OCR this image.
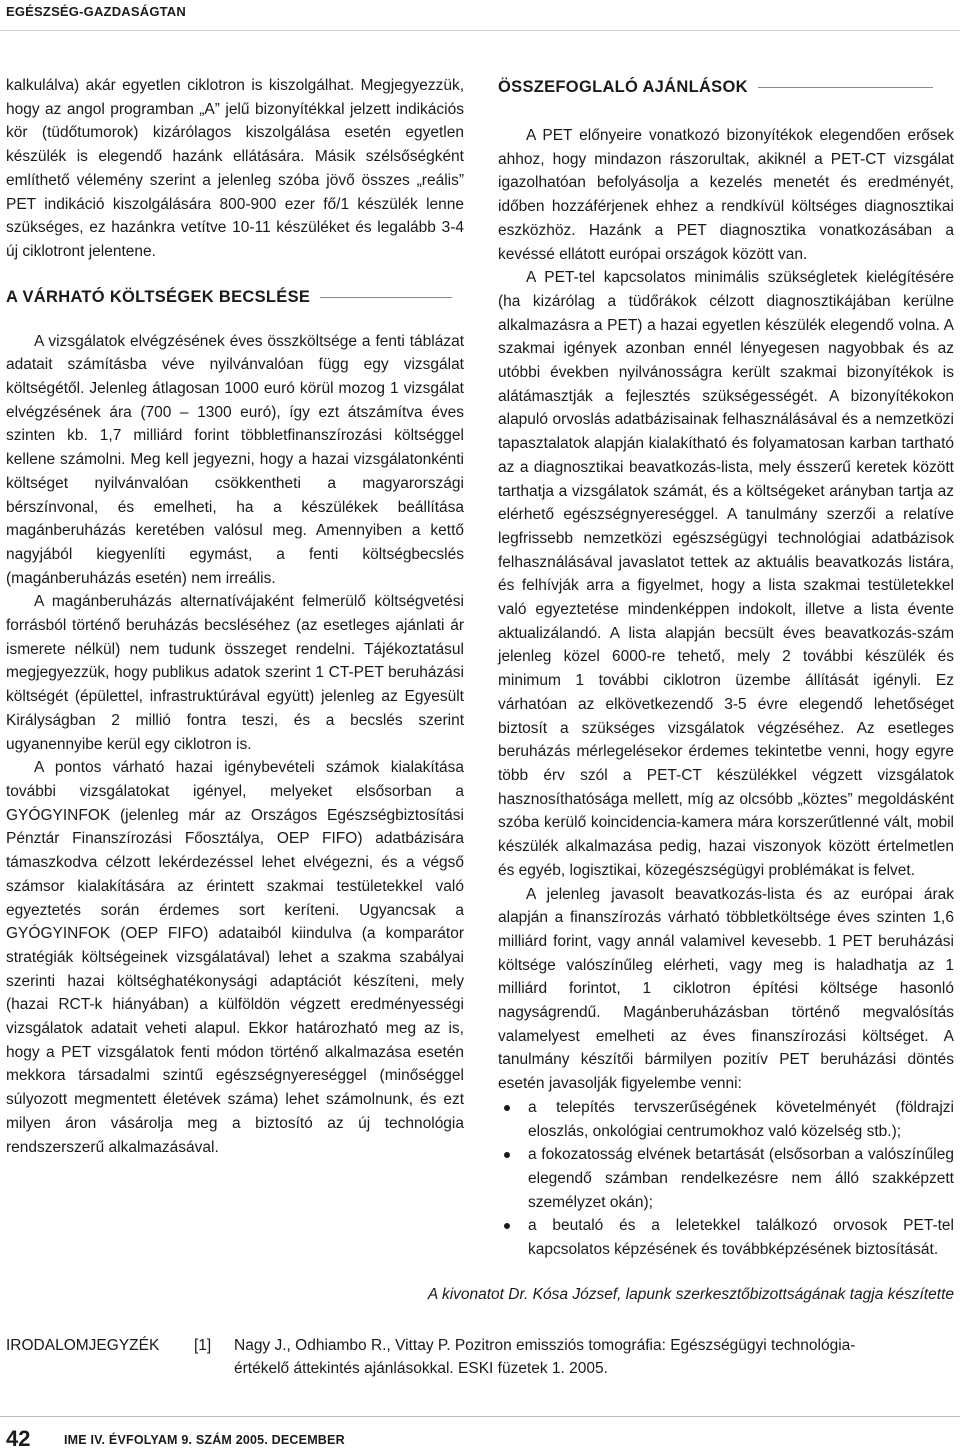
EGÉSZSÉG-GAZDASÁGTAN

kalkulálva) akár egyetlen ciklotron is kiszolgálhat. Megjegyezzük, hogy az angol programban „A” jelű bizonyítékkal jelzett indikációs kör (tüdőtumorok) kizárólagos kiszolgálása esetén egyetlen készülék is elegendő hazánk ellátására. Másik szélsőségként említhető vélemény szerint a jelenleg szóba jövő összes „reális” PET indikáció kiszolgálására 800-900 ezer fő/1 készülék lenne szükséges, ez hazánkra vetítve 10-11 készüléket és legalább 3-4 új ciklotront jelentene.

A VÁRHATÓ KÖLTSÉGEK BECSLÉSE

A vizsgálatok elvégzésének éves összköltsége a fenti táblázat adatait számításba véve nyilvánvalóan függ egy vizsgálat költségétől. Jelenleg átlagosan 1000 euró körül mozog 1 vizsgálat elvégzésének ára (700 – 1300 euró), így ezt átszámítva éves szinten kb. 1,7 milliárd forint többletfinanszírozási költséggel kellene számolni. Meg kell jegyezni, hogy a hazai vizsgálatonkénti költséget nyilvánvalóan csökkentheti a magyarországi bérszínvonal, és emelheti, ha a készülékek beállítása magánberuházás keretében valósul meg. Amennyiben a kettő nagyjából kiegyenlíti egymást, a fenti költségbecslés (magánberuházás esetén) nem irreális.

A magánberuházás alternatívájaként felmerülő költségvetési forrásból történő beruházás becsléséhez (az esetleges ajánlati ár ismerete nélkül) nem tudunk összeget rendelni. Tájékoztatásul megjegyezzük, hogy publikus adatok szerint 1 CT-PET beruházási költségét (épülettel, infrastruktúrával együtt) jelenleg az Egyesült Királyságban 2 millió fontra teszi, és a becslés szerint ugyanennyibe kerül egy ciklotron is.

A pontos várható hazai igénybevételi számok kialakítása további vizsgálatokat igényel, melyeket elsősorban a GYÓGYINFOK (jelenleg már az Országos Egészségbiztosítási Pénztár Finanszírozási Főosztálya, OEP FIFO) adatbázisára támaszkodva célzott lekérdezéssel lehet elvégezni, és a végső számsor kialakítására az érintett szakmai testületekkel való egyeztetés során érdemes sort keríteni. Ugyancsak a GYÓGYINFOK (OEP FIFO) adataiból kiindulva (a komparátor stratégiák költségeinek vizsgálatával) lehet a szakma szabályai szerinti hazai költséghatékonysági adaptációt készíteni, mely (hazai RCT-k hiányában) a külföldön végzett eredményességi vizsgálatok adatait veheti alapul. Ekkor határozható meg az is, hogy a PET vizsgálatok fenti módon történő alkalmazása esetén mekkora társadalmi szintű egészségnyereséggel (minőséggel súlyozott megmentett életévek száma) lehet számolnunk, és ezt milyen áron vásárolja meg a biztosító az új technológia rendszerszerű alkalmazásával.

ÖSSZEFOGLALÓ AJÁNLÁSOK

A PET előnyeire vonatkozó bizonyítékok elegendően erősek ahhoz, hogy mindazon rászorultak, akiknél a PET-CT vizsgálat igazolhatóan befolyásolja a kezelés menetét és eredményét, időben hozzáférjenek ehhez a rendkívül költséges diagnosztikai eszközhöz. Hazánk a PET diagnosztika vonatkozásában a kevéssé ellátott európai országok között van.

A PET-tel kapcsolatos minimális szükségletek kielégítésére (ha kizárólag a tüdőrákok célzott diagnosztikájában kerülne alkalmazásra a PET) a hazai egyetlen készülék elegendő volna. A szakmai igények azonban ennél lényegesen nagyobbak és az utóbbi években nyilvánosságra került szakmai bizonyítékok is alátámasztják a fejlesztés szükségességét. A bizonyítékokon alapuló orvoslás adatbázisainak felhasználásával és a nemzetközi tapasztalatok alapján kialakítható és folyamatosan karban tartható az a diagnosztikai beavatkozás-lista, mely ésszerű keretek között tarthatja a vizsgálatok számát, és a költségeket arányban tartja az elérhető egészségnyereséggel. A tanulmány szerzői a relatíve legfrissebb nemzetközi egészségügyi technológiai adatbázisok felhasználásával javaslatot tettek az aktuális beavatkozás listára, és felhívják arra a figyelmet, hogy a lista szakmai testületekkel való egyeztetése mindenképpen indokolt, illetve a lista évente aktualizálandó. A lista alapján becsült éves beavatkozás-szám jelenleg közel 6000-re tehető, mely 2 további készülék és minimum 1 további ciklotron üzembe állítását igényli. Ez várhatóan az elkövetkezendő 3-5 évre elegendő lehetőséget biztosít a szükséges vizsgálatok végzéséhez. Az esetleges beruházás mérlegelésekor érdemes tekintetbe venni, hogy egyre több érv szól a PET-CT készülékkel végzett vizsgálatok hasznosíthatósága mellett, míg az olcsóbb „köztes” megoldásként szóba kerülő koincidencia-kamera mára korszerűtlenné vált, mobil készülék alkalmazása pedig, hazai viszonyok között értelmetlen és egyéb, logisztikai, közegészségügyi problémákat is felvet.

A jelenleg javasolt beavatkozás-lista és az európai árak alapján a finanszírozás várható többletköltsége éves szinten 1,6 milliárd forint, vagy annál valamivel kevesebb. 1 PET beruházási költsége valószínűleg elérheti, vagy meg is haladhatja az 1 milliárd forintot, 1 ciklotron építési költsége hasonló nagyságrendű. Magánberuházásban történő megvalósítás valamelyest emelheti az éves finanszírozási költséget. A tanulmány készítői bármilyen pozitív PET beruházási döntés esetén javasolják figyelembe venni:

a telepítés tervszerűségének követelményét (földrajzi eloszlás, onkológiai centrumokhoz való közelség stb.);
a fokozatosság elvének betartását (elsősorban a valószínűleg elegendő számban rendelkezésre nem álló szakképzett személyzet okán);
a beutaló és a leletekkel találkozó orvosok PET-tel kapcsolatos képzésének és továbbképzésének biztosítását.
A kivonatot Dr. Kósa József, lapunk szerkesztőbizottságának tagja készítette
IRODALOMJEGYZÉK [1] Nagy J., Odhiambo R., Vittay P. Pozitron emissziós tomográfia: Egészségügyi technológia-
értékelő áttekintés ajánlásokkal. ESKI füzetek 1. 2005.
42	IME IV. ÉVFOLYAM 9. SZÁM 2005. DECEMBER
